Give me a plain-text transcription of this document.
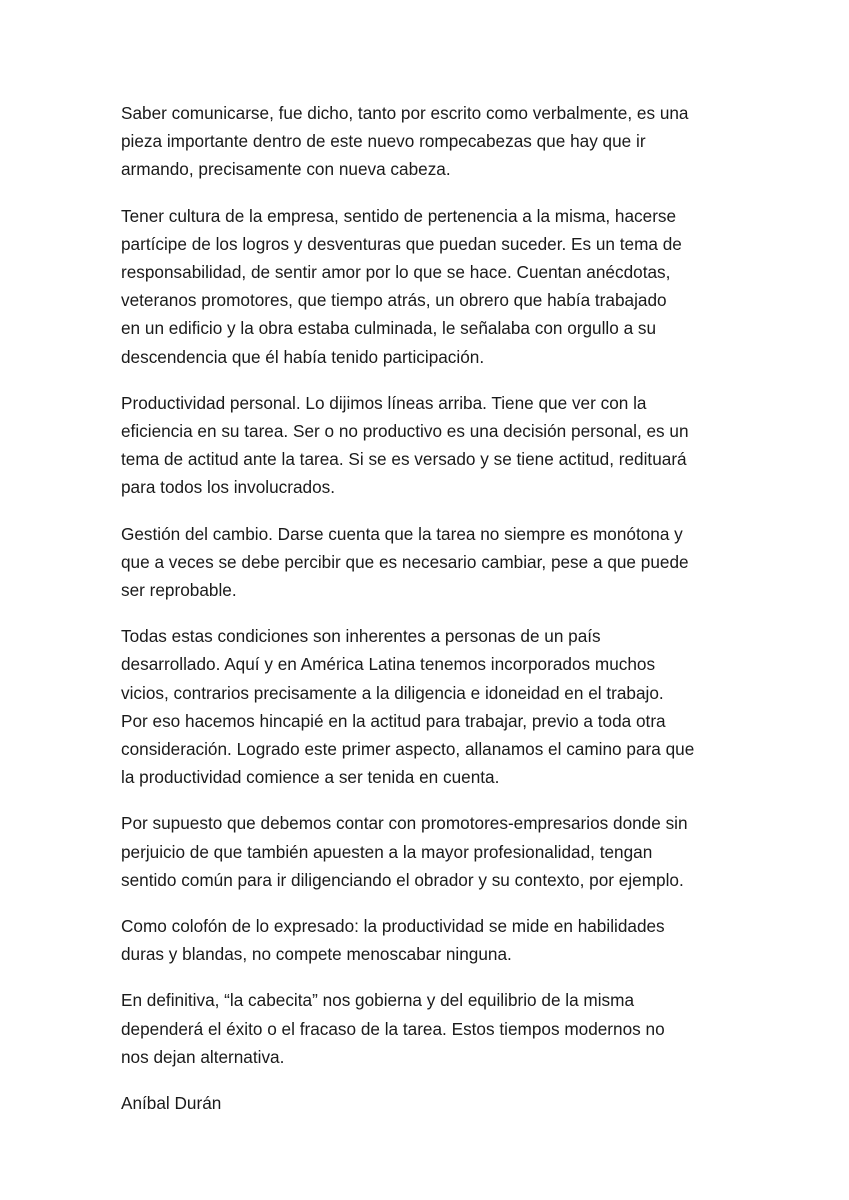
Saber comunicarse, fue dicho, tanto por escrito como verbalmente, es una
pieza importante dentro de este nuevo rompecabezas que hay que ir
armando, precisamente con nueva cabeza.

Tener cultura de la empresa, sentido de pertenencia a la misma, hacerse
partícipe de los logros y desventuras que puedan suceder. Es un tema de
responsabilidad, de sentir amor por lo que se hace. Cuentan anécdotas,
veteranos promotores, que tiempo atrás, un obrero que había trabajado
en un edificio y la obra estaba culminada, le señalaba con orgullo a su
descendencia que él había tenido participación.

Productividad personal. Lo dijimos líneas arriba. Tiene que ver con la
eficiencia en su tarea. Ser o no productivo es una decisión personal, es un
tema de actitud ante la tarea. Si se es versado y se tiene actitud, redituará
para todos los involucrados.

Gestión del cambio. Darse cuenta que la tarea no siempre es monótona y
que a veces se debe percibir que es necesario cambiar, pese a que puede
ser reprobable.

Todas estas condiciones son inherentes a personas de un país
desarrollado. Aquí y en América Latina tenemos incorporados muchos
vicios, contrarios precisamente a la diligencia e idoneidad en el trabajo.
Por eso hacemos hincapié en la actitud para trabajar, previo a toda otra
consideración. Logrado este primer aspecto, allanamos el camino para que
la productividad comience a ser tenida en cuenta.

Por supuesto que debemos contar con promotores-empresarios donde sin
perjuicio de que también apuesten a la mayor profesionalidad, tengan
sentido común para ir diligenciando el obrador y su contexto, por ejemplo.

Como colofón de lo expresado: la productividad se mide en habilidades
duras y blandas, no compete menoscabar ninguna.

En definitiva, “la cabecita” nos gobierna y del equilibrio de la misma
dependerá el éxito o el fracaso de la tarea. Estos tiempos modernos no
nos dejan alternativa.

Aníbal Durán
